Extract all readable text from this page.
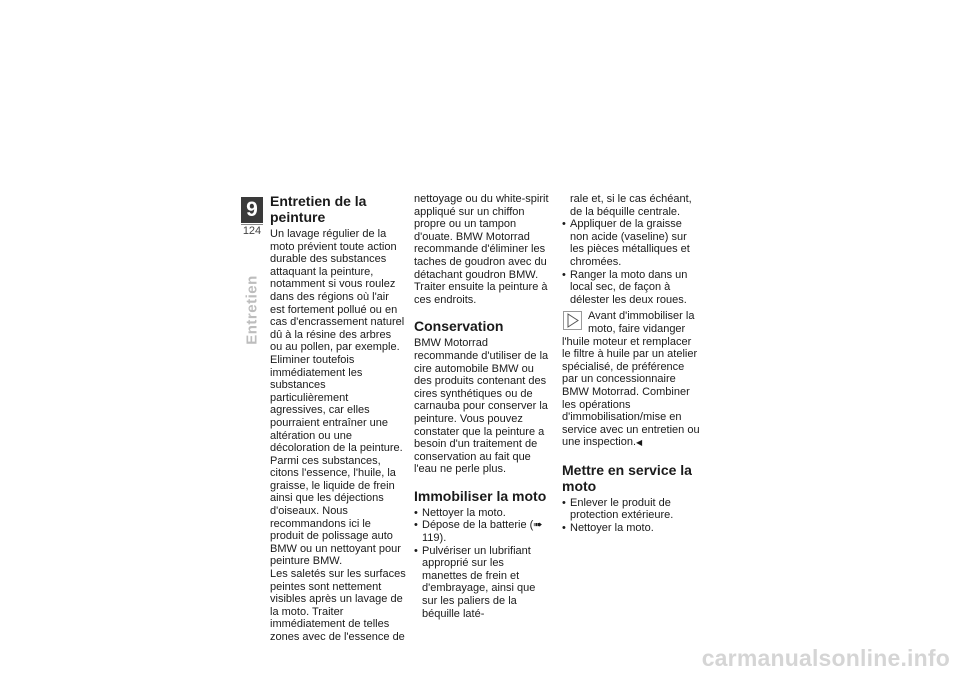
9
124
Entretien
Entretien de la peinture

Un lavage régulier de la moto prévient toute action durable des substances attaquant la peinture, notamment si vous roulez dans des régions où l'air est fortement pollué ou en cas d'encrassement naturel dû à la résine des arbres ou au pollen, par exemple. Eliminer toutefois immédiatement les substances particulièrement agressives, car elles pourraient entraîner une altération ou une décoloration de la peinture. Parmi ces substances, citons l'essence, l'huile, la graisse, le liquide de frein ainsi que les déjections d'oiseaux. Nous recommandons ici le produit de polissage auto BMW ou un nettoyant pour peinture BMW.

Les saletés sur les surfaces peintes sont nettement visibles après un lavage de la moto. Traiter immédiatement de telles zones avec de l'essence de

nettoyage ou du white-spirit appliqué sur un chiffon propre ou un tampon d'ouate. BMW Motorrad recommande d'éliminer les taches de goudron avec du détachant goudron BMW. Traiter ensuite la peinture à ces endroits.

Conservation

BMW Motorrad recommande d'utiliser de la cire automobile BMW ou des produits contenant des cires synthétiques ou de carnauba pour conserver la peinture. Vous pouvez constater que la peinture a besoin d'un traitement de conservation au fait que l'eau ne perle plus.

Immobiliser la moto
• Nettoyer la moto.
• Dépose de la batterie (➠ 119).
• Pulvériser un lubrifiant approprié sur les manettes de frein et d'embrayage, ainsi que sur les paliers de la béquille laté-

rale et, si le cas échéant, de la béquille centrale.

• Appliquer de la graisse non acide (vaseline) sur les pièces métalliques et chromées.
• Ranger la moto dans un local sec, de façon à délester les deux roues.

Avant d'immobiliser la moto, faire vidanger

l'huile moteur et remplacer le filtre à huile par un atelier spécialisé, de préférence par un concessionnaire BMW Motorrad. Combiner les opérations d'immobilisation/mise en service avec un entretien ou une inspection.◀

Mettre en service la moto
• Enlever le produit de protection extérieure.
• Nettoyer la moto.
carmanualsonline.info
